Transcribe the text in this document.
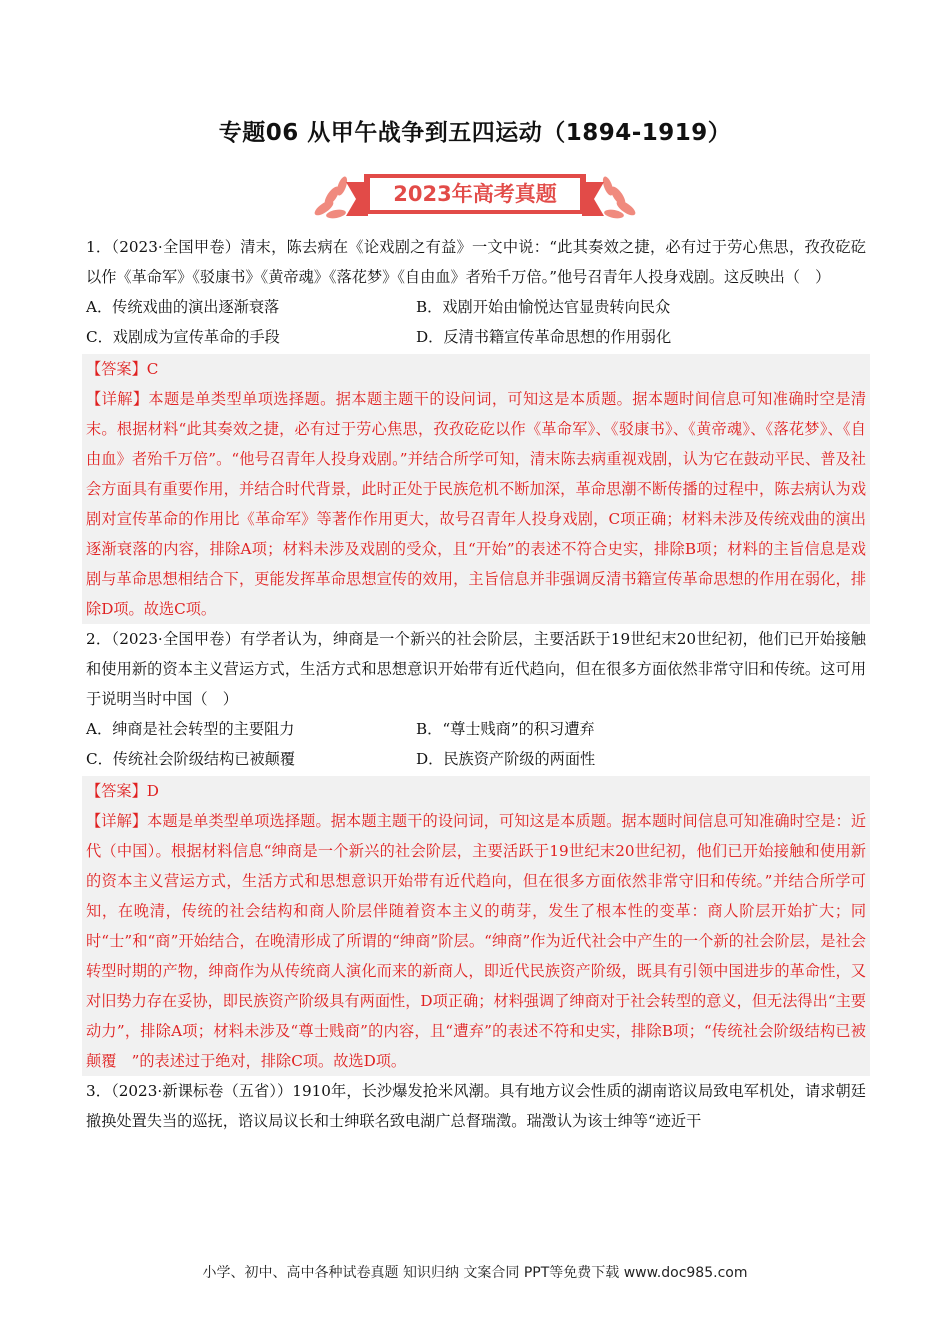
专题06 从甲午战争到五四运动（1894-1919）
2023年高考真题

1．（2023·全国甲卷）清末，陈去病在《论戏剧之有益》一文中说：“此其奏效之捷，必有过于劳心焦思，孜孜矻矻以作《革命军》《驳康书》《黄帝魂》《落花梦》《自由血》者殆千万倍。”他号召青年人投身戏剧。这反映出（　）

A．传统戏曲的演出逐渐衰落	B．戏剧开始由愉悦达官显贵转向民众
C．戏剧成为宣传革命的手段	D．反清书籍宣传革命思想的作用弱化

【答案】C

【详解】本题是单类型单项选择题。据本题主题干的设问词，可知这是本质题。据本题时间信息可知准确时空是清末。根据材料“此其奏效之捷，必有过于劳心焦思，孜孜矻矻以作《革命军》、《驳康书》、《黄帝魂》、《落花梦》、《自由血》者殆千万倍”。“他号召青年人投身戏剧。”并结合所学可知，清末陈去病重视戏剧，认为它在鼓动平民、普及社会方面具有重要作用，并结合时代背景，此时正处于民族危机不断加深，革命思潮不断传播的过程中，陈去病认为戏剧对宣传革命的作用比《革命军》等著作作用更大，故号召青年人投身戏剧，C项正确；材料未涉及传统戏曲的演出逐渐衰落的内容，排除A项；材料未涉及戏剧的受众，且“开始”的表述不符合史实，排除B项；材料的主旨信息是戏剧与革命思想相结合下，更能发挥革命思想宣传的效用，主旨信息并非强调反清书籍宣传革命思想的作用在弱化，排除D项。故选C项。

2．（2023·全国甲卷）有学者认为，绅商是一个新兴的社会阶层，主要活跃于19世纪末20世纪初，他们已开始接触和使用新的资本主义营运方式，生活方式和思想意识开始带有近代趋向，但在很多方面依然非常守旧和传统。这可用于说明当时中国（　）

A．绅商是社会转型的主要阻力	B．“尊士贱商”的积习遭弃
C．传统社会阶级结构已被颠覆	D．民族资产阶级的两面性

【答案】D

【详解】本题是单类型单项选择题。据本题主题干的设问词，可知这是本质题。据本题时间信息可知准确时空是：近代（中国）。根据材料信息“绅商是一个新兴的社会阶层，主要活跃于19世纪末20世纪初，他们已开始接触和使用新的资本主义营运方式，生活方式和思想意识开始带有近代趋向，但在很多方面依然非常守旧和传统。”并结合所学可知，在晚清，传统的社会结构和商人阶层伴随着资本主义的萌芽，发生了根本性的变革：商人阶层开始扩大；同时“士”和“商”开始结合，在晚清形成了所谓的“绅商”阶层。“绅商”作为近代社会中产生的一个新的社会阶层，是社会转型时期的产物，绅商作为从传统商人演化而来的新商人，即近代民族资产阶级，既具有引领中国进步的革命性，又对旧势力存在妥协，即民族资产阶级具有两面性，D项正确；材料强调了绅商对于社会转型的意义，但无法得出“主要动力”，排除A项；材料未涉及“尊士贱商”的内容，且“遭弃”的表述不符和史实，排除B项；“传统社会阶级结构已被颠覆　”的表述过于绝对，排除C项。故选D项。

3．（2023·新课标卷（五省））1910年，长沙爆发抢米风潮。具有地方议会性质的湖南谘议局致电军机处，请求朝廷撤换处置失当的巡抚，谘议局议长和士绅联名致电湖广总督瑞澂。瑞澂认为该士绅等“迹近干

小学、初中、高中各种试卷真题 知识归纳 文案合同 PPT等免费下载 www.doc985.com
